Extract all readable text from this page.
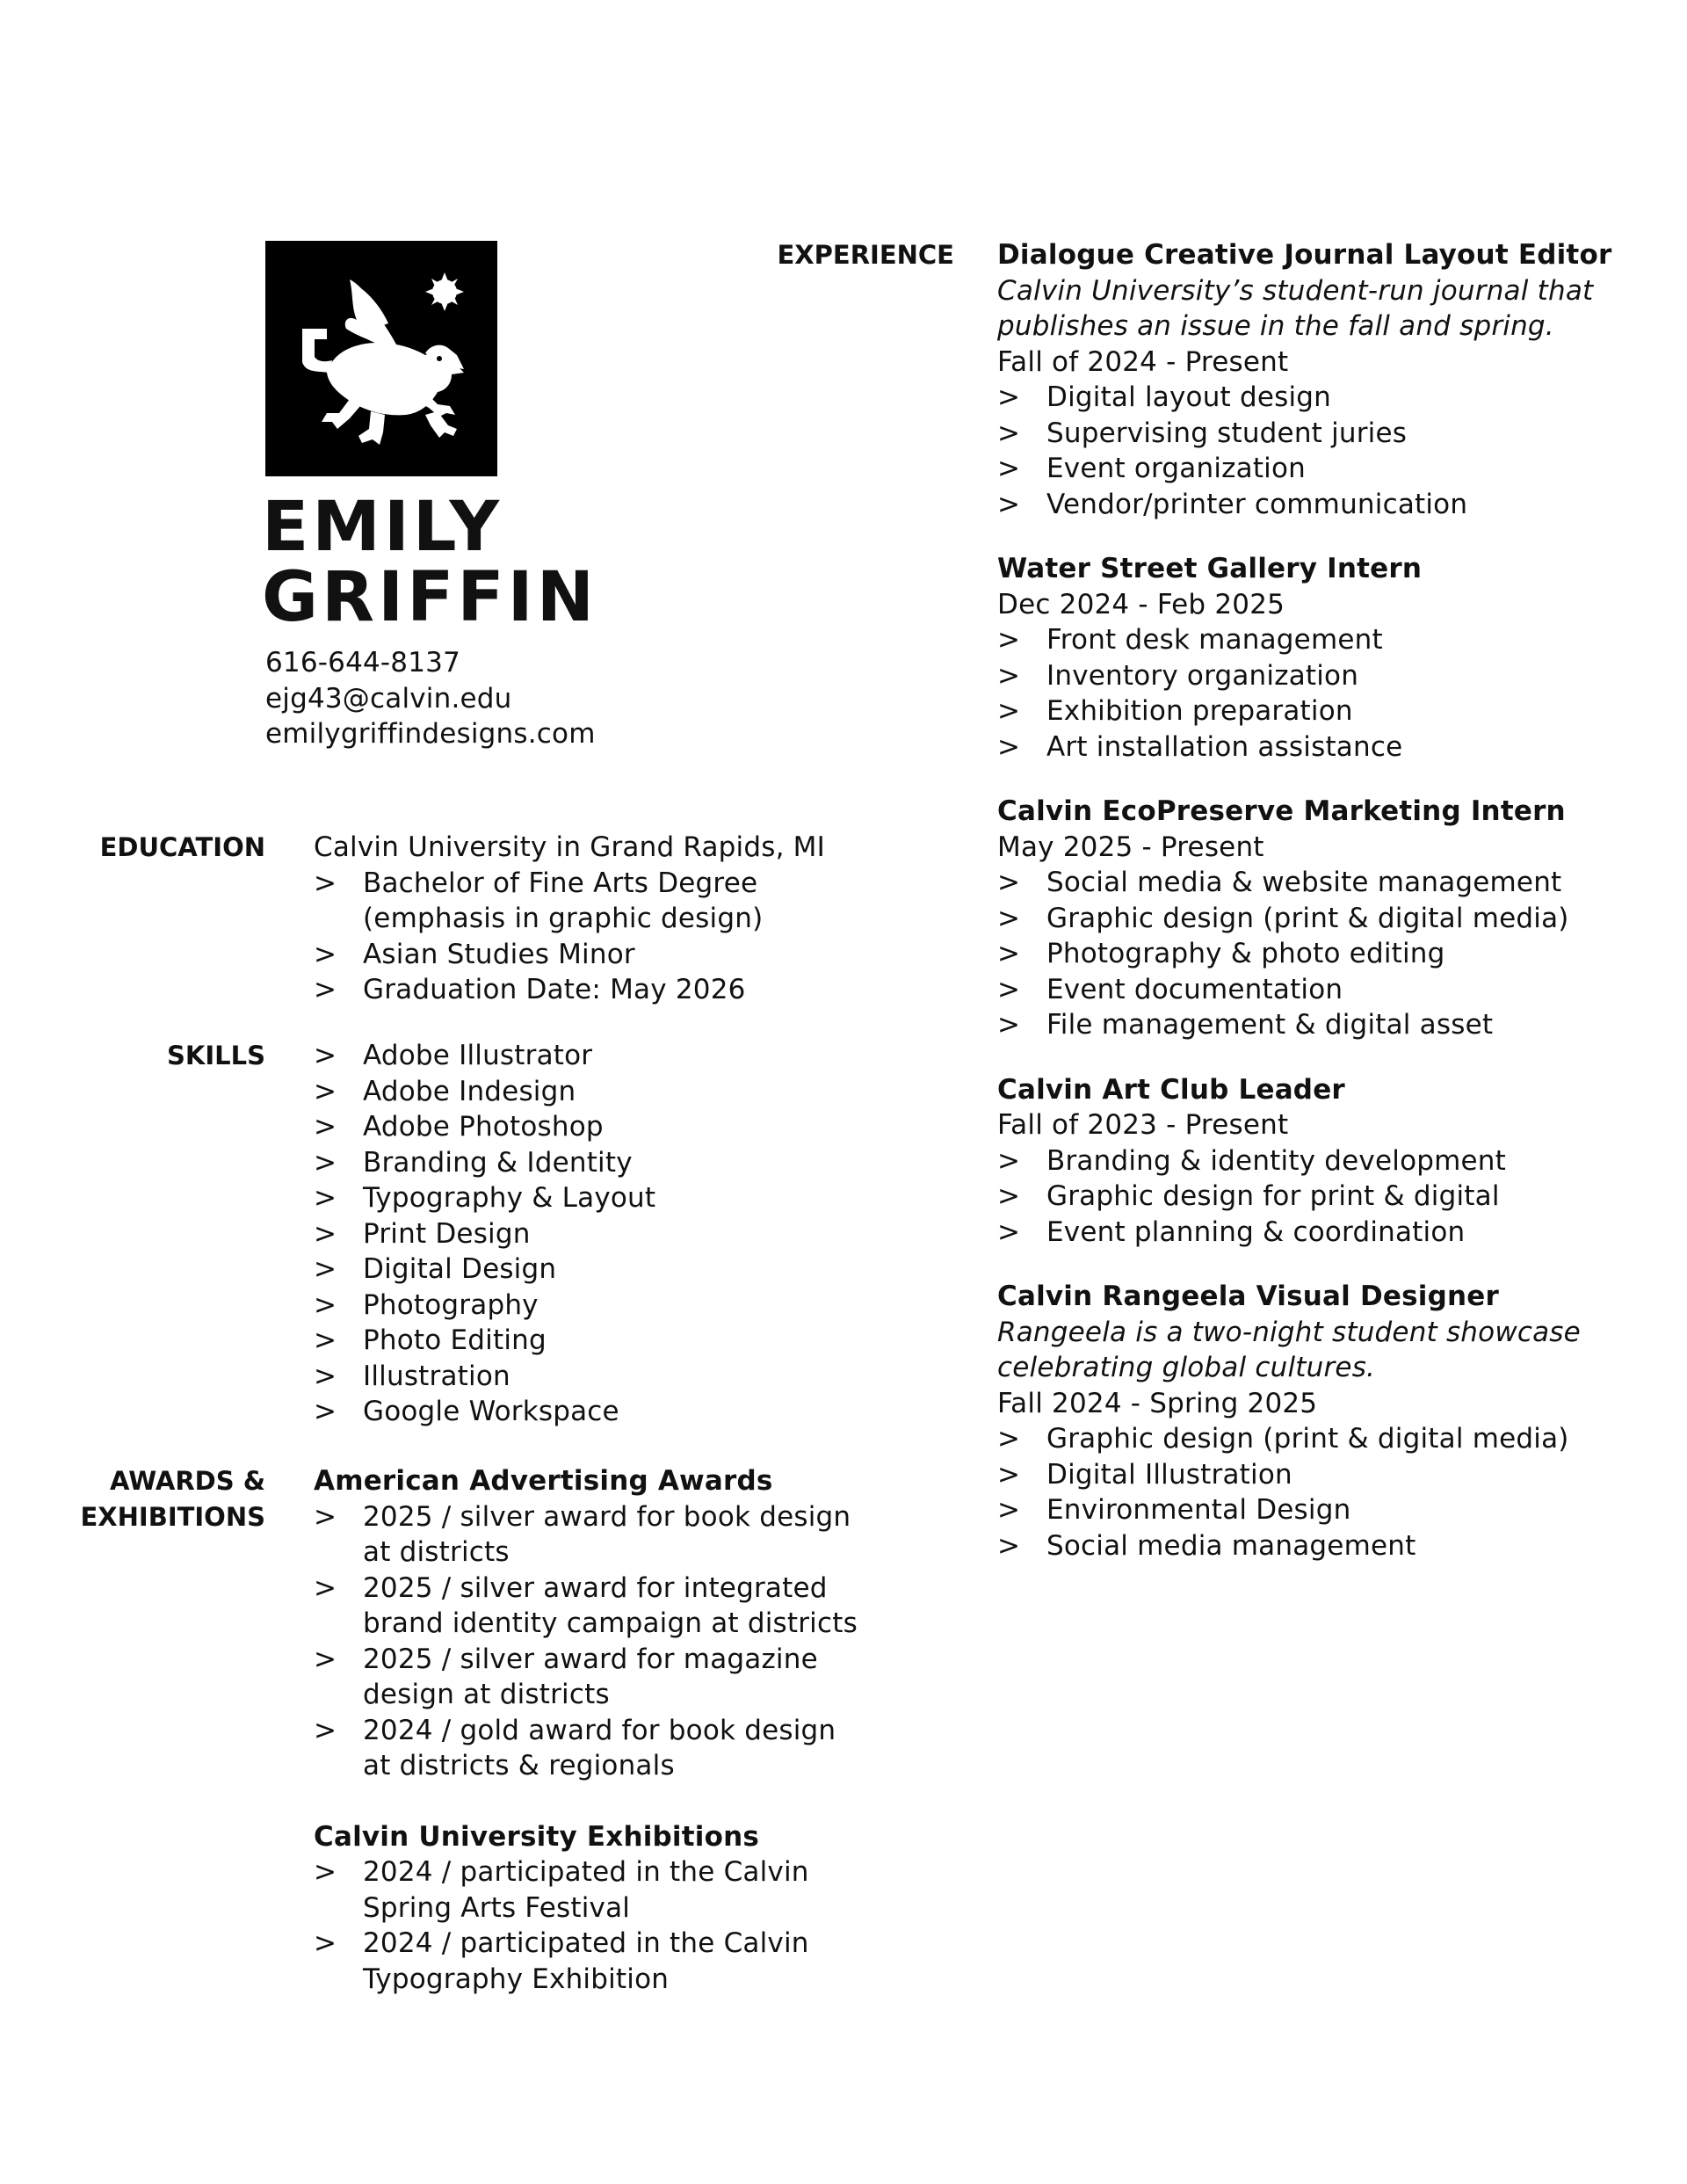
EMILY
GRIFFIN
616-644-8137
ejg43@calvin.edu
emilygriffindesigns.com
EXPERIENCE
EDUCATION
SKILLS
AWARDS &
EXHIBITIONS
Calvin University in Grand Rapids, MI
> Bachelor of Fine Arts Degree (emphasis in graphic design)
> Asian Studies Minor
> Graduation Date: May 2026
> Adobe Illustrator
> Adobe Indesign
> Adobe Photoshop
> Branding & Identity
> Typography & Layout
> Print Design
> Digital Design
> Photography
> Photo Editing
> Illustration
> Google Workspace
American Advertising Awards
> 2025 / silver award for book design at districts
> 2025 / silver award for integrated brand identity campaign at districts
> 2025 / silver award for magazine design at districts
> 2024 / gold award for book design at districts & regionals
Calvin University Exhibitions
> 2024 / participated in the Calvin Spring Arts Festival
> 2024 / participated in the Calvin Typography Exhibition
Dialogue Creative Journal Layout Editor
Calvin University’s student-run journal that publishes an issue in the fall and spring.
Fall of 2024 - Present
> Digital layout design
> Supervising student juries
> Event organization
> Vendor/printer communication
Water Street Gallery Intern
Dec 2024 - Feb 2025
> Front desk management
> Inventory organization
> Exhibition preparation
> Art installation assistance
Calvin EcoPreserve Marketing Intern
May 2025 - Present
> Social media & website management
> Graphic design (print & digital media)
> Photography & photo editing
> Event documentation
> File management & digital asset
Calvin Art Club Leader
Fall of 2023 - Present
> Branding & identity development
> Graphic design for print & digital
> Event planning & coordination
Calvin Rangeela Visual Designer
Rangeela is a two-night student showcase celebrating global cultures.
Fall 2024 - Spring 2025
> Graphic design (print & digital media)
> Digital Illustration
> Environmental Design
> Social media management
